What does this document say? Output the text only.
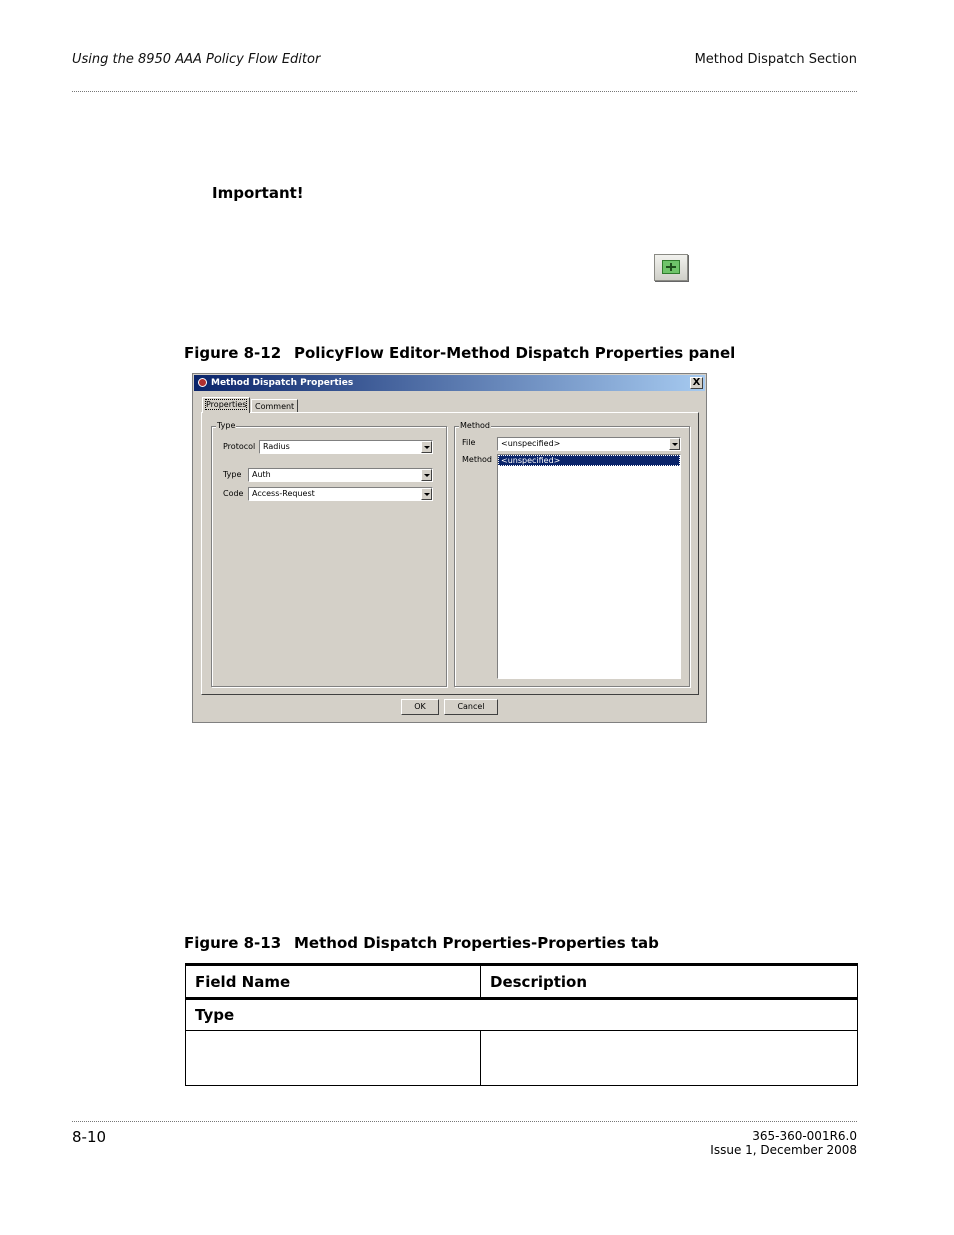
Using the 8950 AAA Policy Flow Editor	Method Dispatch Section
Important!
Figure 8-12 PolicyFlow Editor-Method Dispatch Properties panel
Method Dispatch Properties	X
Properties	Comment
Type
Protocol Radius
Type	Auth
Code	Access-Request
Method
File	<unspecified>
Method	<unspecified>
OK	Cancel
Figure 8-13 Method Dispatch Properties-Properties tab
Field Name	Description
Type	

8-10	365-360-001R6.0
Issue 1, December 2008
